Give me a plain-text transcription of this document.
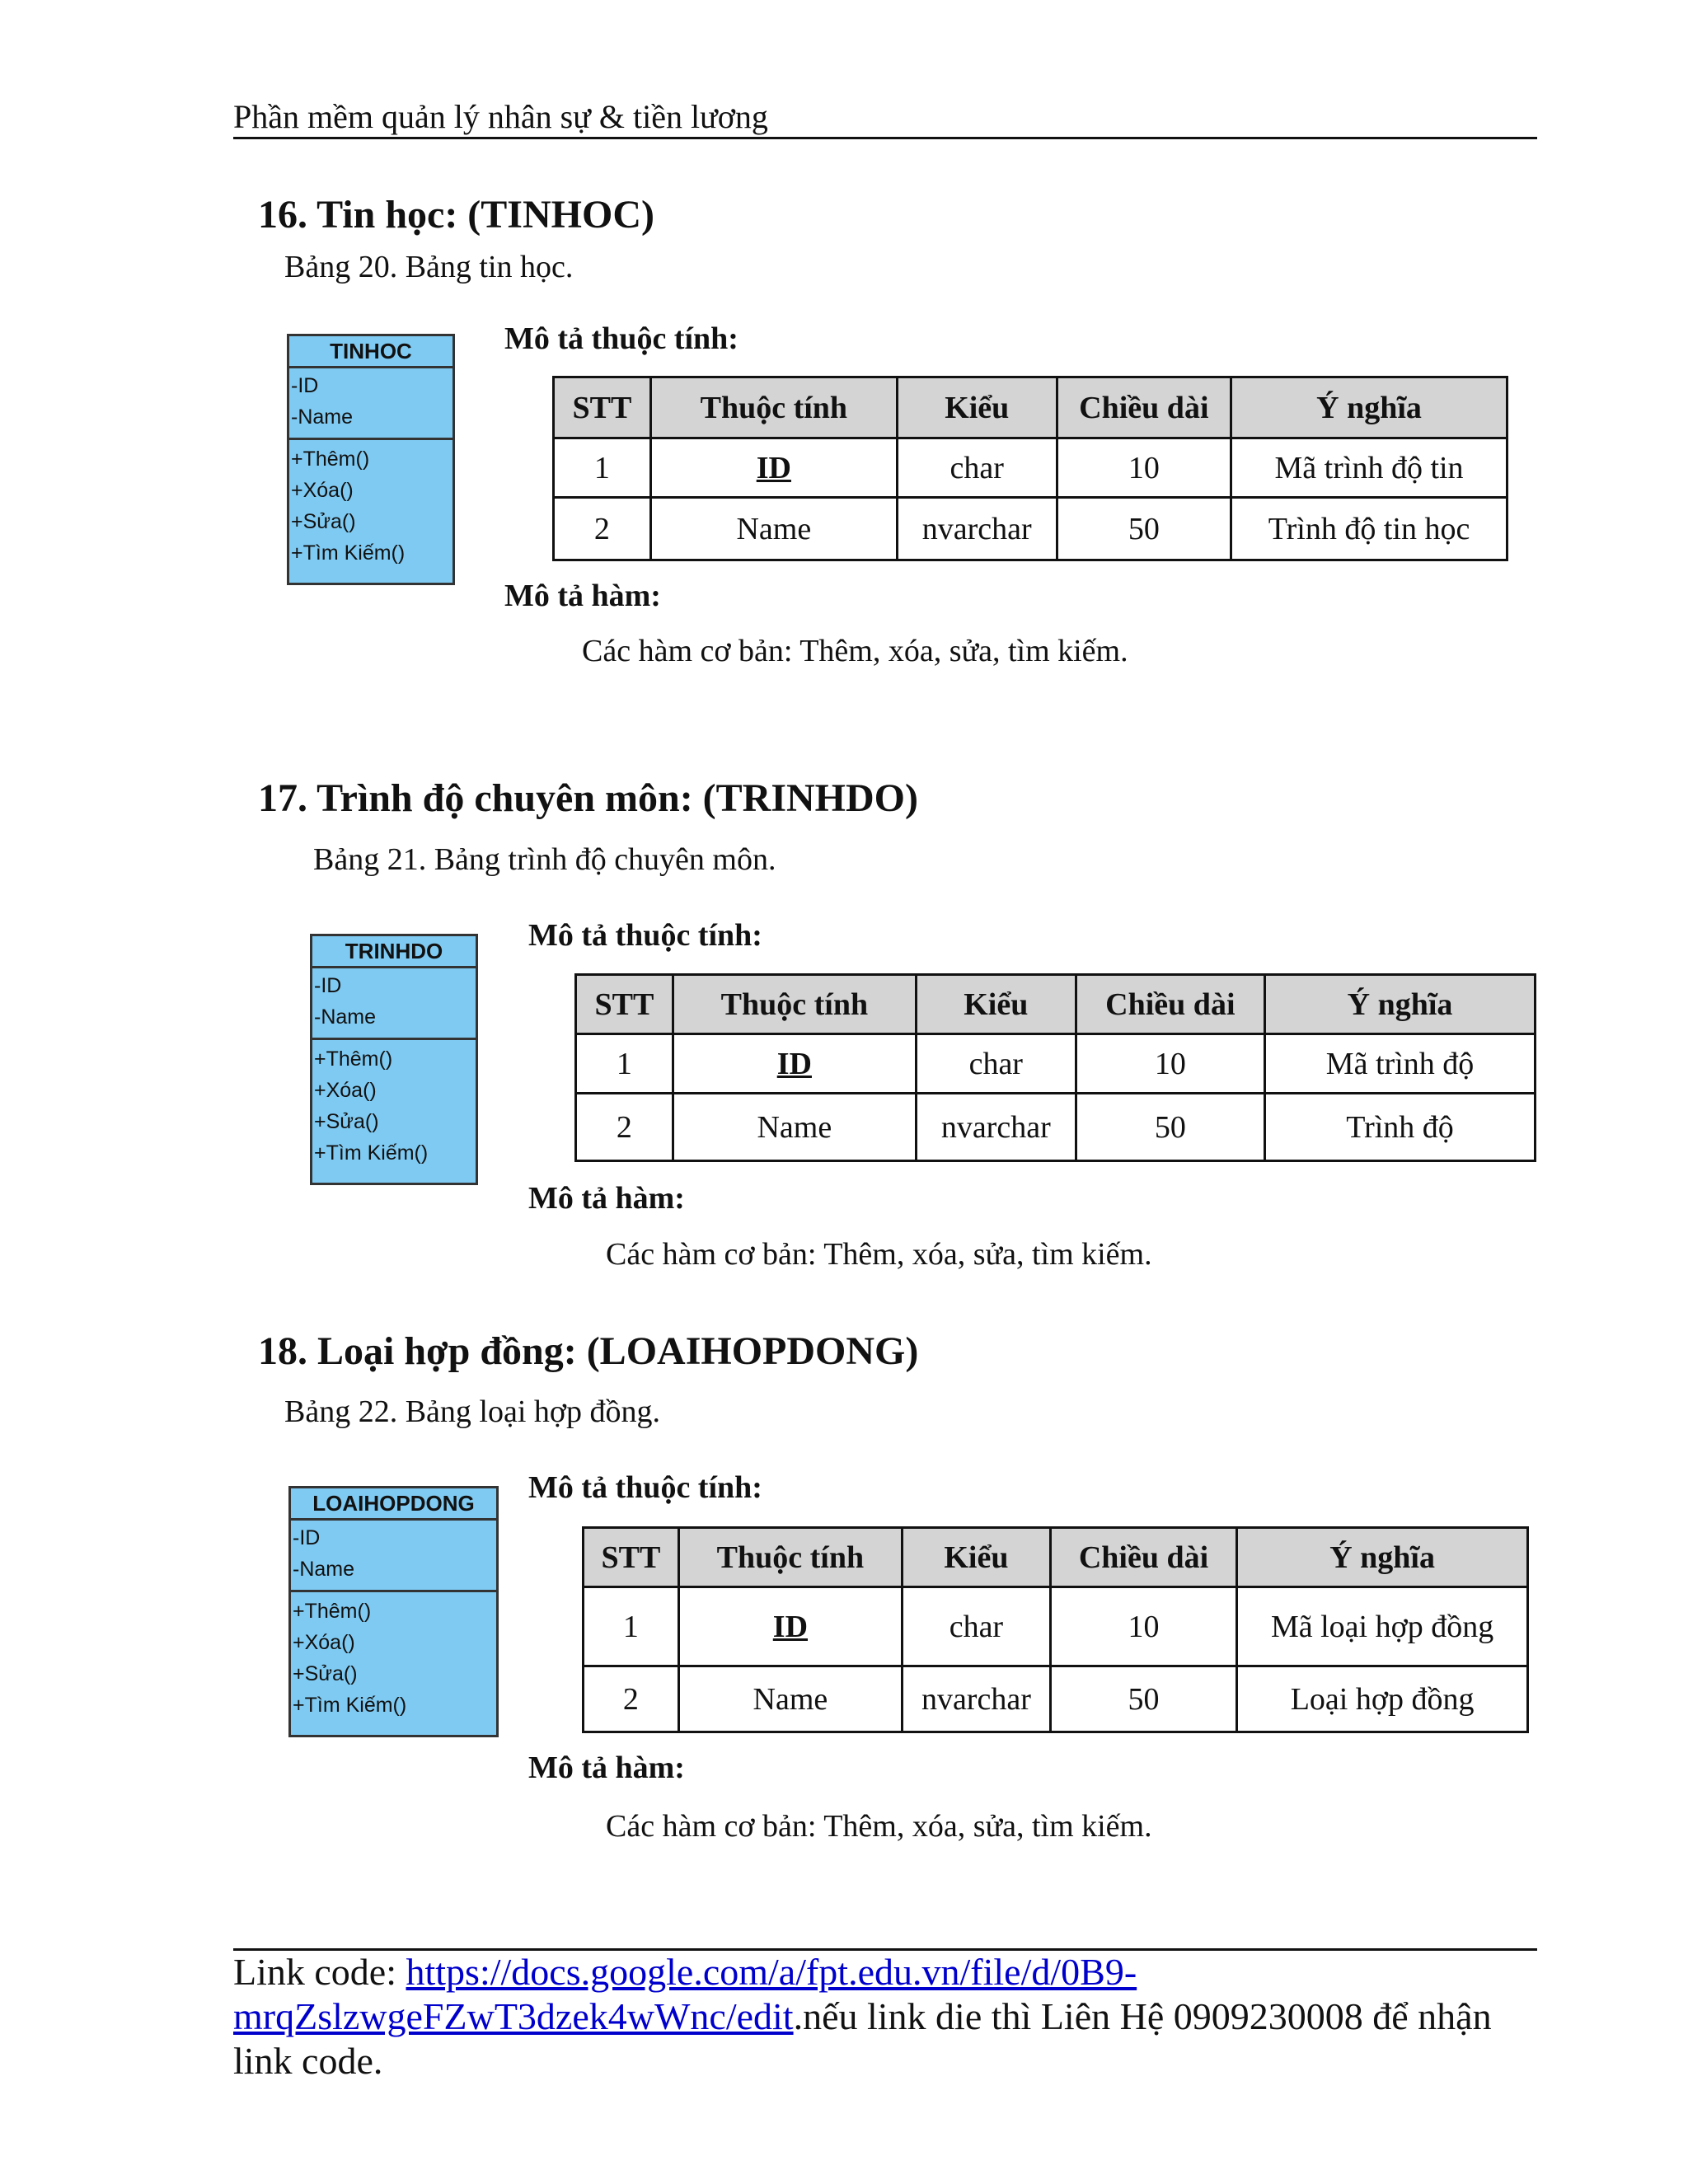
Phần mềm quản lý nhân sự & tiền lương
16. Tin học: (TINHOC)
Bảng 20. Bảng tin học.
TINHOC
-ID
-Name
+Thêm()
+Xóa()
+Sửa()
+Tìm Kiếm()
Mô tả thuộc tính:
STT	Thuộc tính	Kiểu	Chiều dài	Ý nghĩa
1	ID	char	10	Mã trình độ tin
2	Name	nvarchar	50	Trình độ tin học
Mô tả hàm:
Các hàm cơ bản: Thêm, xóa, sửa, tìm kiếm.
17. Trình độ chuyên môn: (TRINHDO)
Bảng 21. Bảng trình độ chuyên môn.
TRINHDO
-ID
-Name
+Thêm()
+Xóa()
+Sửa()
+Tìm Kiếm()
Mô tả thuộc tính:
STT	Thuộc tính	Kiểu	Chiều dài	Ý nghĩa
1	ID	char	10	Mã trình độ
2	Name	nvarchar	50	Trình độ
Mô tả hàm:
Các hàm cơ bản: Thêm, xóa, sửa, tìm kiếm.
18. Loại hợp đồng: (LOAIHOPDONG)
Bảng 22. Bảng loại hợp đồng.
LOAIHOPDONG
-ID
-Name
+Thêm()
+Xóa()
+Sửa()
+Tìm Kiếm()
Mô tả thuộc tính:
STT	Thuộc tính	Kiểu	Chiều dài	Ý nghĩa
1	ID	char	10	Mã loại hợp đồng
2	Name	nvarchar	50	Loại hợp đồng
Mô tả hàm:
Các hàm cơ bản: Thêm, xóa, sửa, tìm kiếm.
Link code: https://docs.google.com/a/fpt.edu.vn/file/d/0B9-
mrqZslzwgeFZwT3dzek4wWnc/edit.nếu link die thì Liên Hệ 0909230008 để nhận link code.
